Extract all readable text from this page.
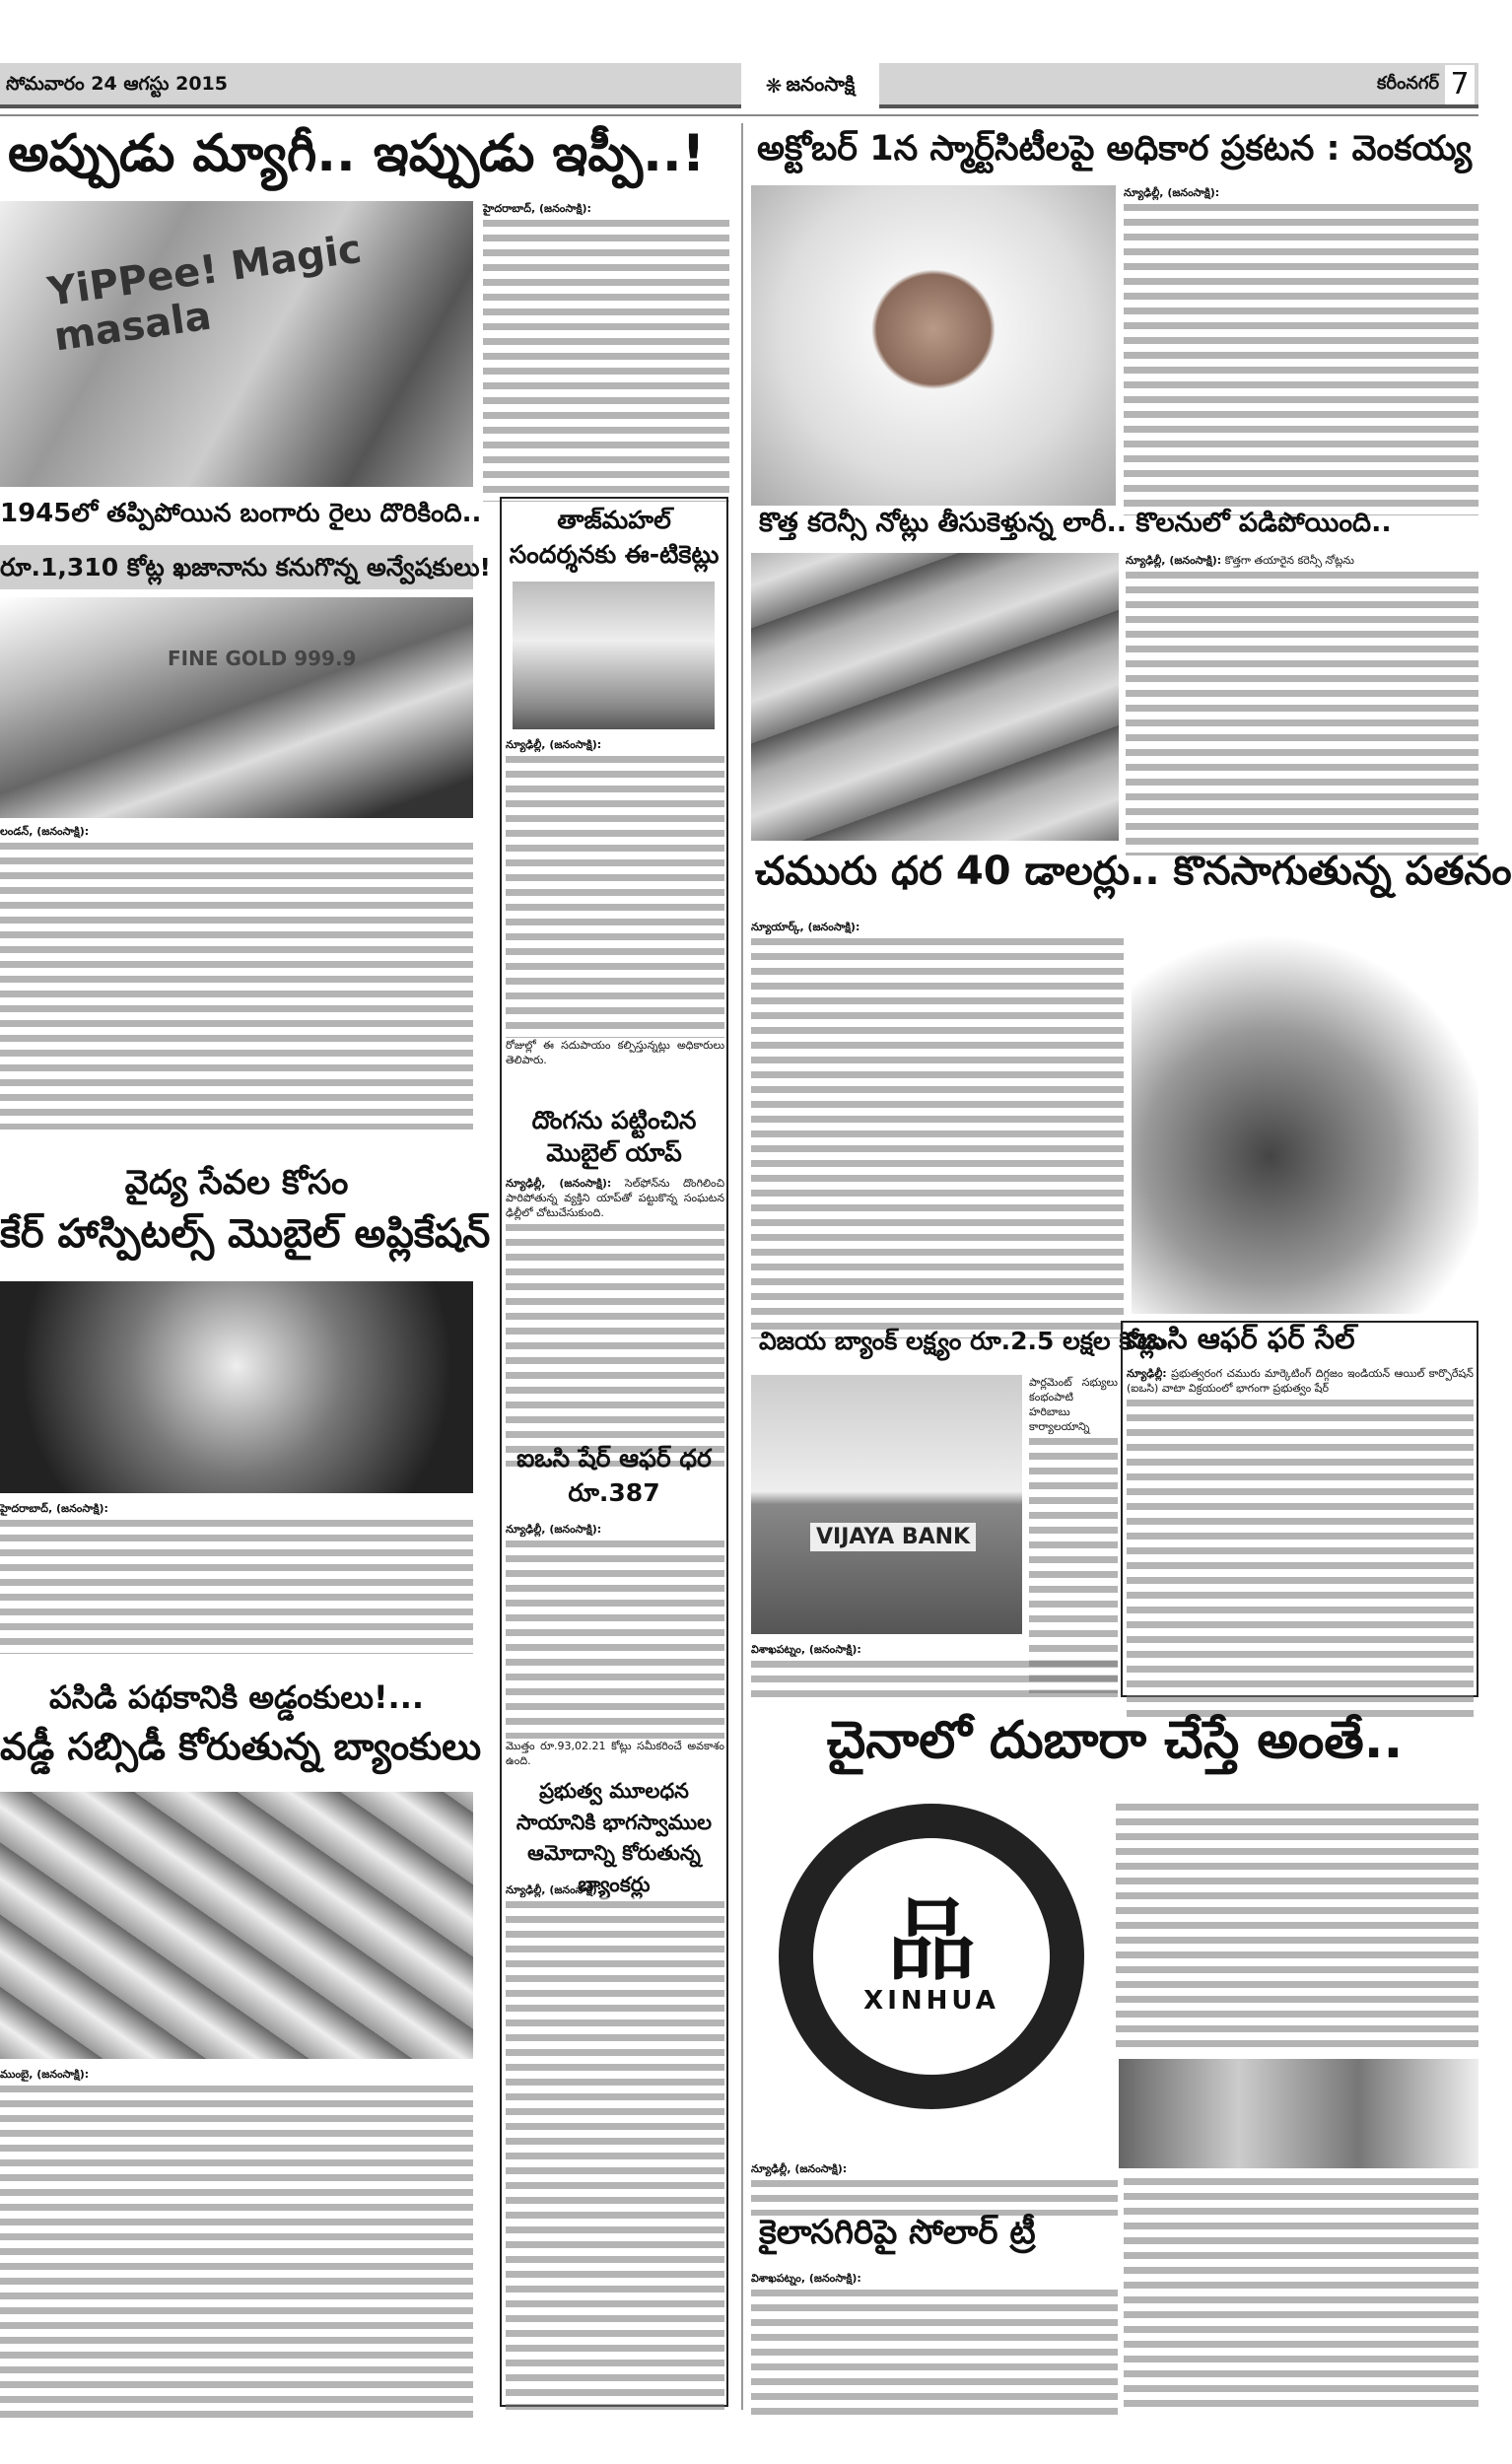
సోమవారం 24 ఆగస్టు 2015	❋ జనంసాక్షి	కరీంనగర్ 7
అప్పుడు మ్యాగీ.. ఇప్పుడు ఇప్పీ..!
YiPPee! Magic masala
హైదరాబాద్, (జనంసాక్షి):
1945లో తప్పిపోయిన బంగారు రైలు దొరికింది..
రూ.1,310 కోట్ల ఖజానాను కనుగొన్న అన్వేషకులు!
FINE GOLD 999.9
లండన్, (జనంసాక్షి):
వైద్య సేవల కోసం
కేర్ హాస్పిటల్స్ మొబైల్ అప్లికేషన్
హైదరాబాద్, (జనంసాక్షి):
పసిడి పథకానికి అడ్డంకులు!...
వడ్డీ సబ్సిడీ కోరుతున్న బ్యాంకులు
ముంబై, (జనంసాక్షి):
తాజ్‌మహల్ సందర్శనకు ఈ-టికెట్లు
న్యూఢిల్లీ, (జనంసాక్షి):
రోజుల్లో ఈ సదుపాయం కల్పిస్తున్నట్లు అధికారులు తెలిపారు.
దొంగను పట్టించిన మొబైల్ యాప్
న్యూఢిల్లీ, (జనంసాక్షి): సెల్‌ఫోన్‌ను దొంగిలించి పారిపోతున్న వ్యక్తిని యాప్‌తో పట్టుకొన్న సంఘటన ఢిల్లీలో చోటుచేసుకుంది.
ఐఒసి షేర్ ఆఫర్ ధర రూ.387
న్యూఢిల్లీ, (జనంసాక్షి):
మొత్తం రూ.93,02.21 కోట్లు సమీకరించే అవకాశం ఉంది.
ప్రభుత్వ మూలధన సాయానికి భాగస్వాముల ఆమోదాన్ని కోరుతున్న బ్యాంకర్లు
న్యూఢిల్లీ, (జనంసాక్షి):
అక్టోబర్ 1న స్మార్ట్‌సిటీలపై అధికార ప్రకటన : వెంకయ్య
న్యూఢిల్లీ, (జనంసాక్షి):
కొత్త కరెన్సీ నోట్లు తీసుకెళ్తున్న లారీ.. కొలనులో పడిపోయింది..
న్యూఢిల్లీ, (జనంసాక్షి): కొత్తగా తయారైన కరెన్సీ నోట్లను
చమురు ధర 40 డాలర్లు.. కొనసాగుతున్న పతనం
న్యూయార్క్, (జనంసాక్షి):
విజయ బ్యాంక్ లక్ష్యం రూ.2.5 లక్షల కోట్లు
VIJAYA BANK
పార్లమెంట్ సభ్యులు కంభంపాటి హరిబాబు కార్యాలయాన్ని
విశాఖపట్నం, (జనంసాక్షి):
ఐఒసి ఆఫర్ ఫర్ సేల్
న్యూఢిల్లీ: ప్రభుత్వరంగ చమురు మార్కెటింగ్ దిగ్గజం ఇండియన్ ఆయిల్ కార్పొరేషన్ (ఐఒసి) వాటా విక్రయంలో భాగంగా ప్రభుత్వం షేర్
చైనాలో దుబారా చేస్తే అంతే..
品
XINHUA
న్యూఢిల్లీ, (జనంసాక్షి):
కైలాసగిరిపై సోలార్ ట్రీ
విశాఖపట్నం, (జనంసాక్షి):
